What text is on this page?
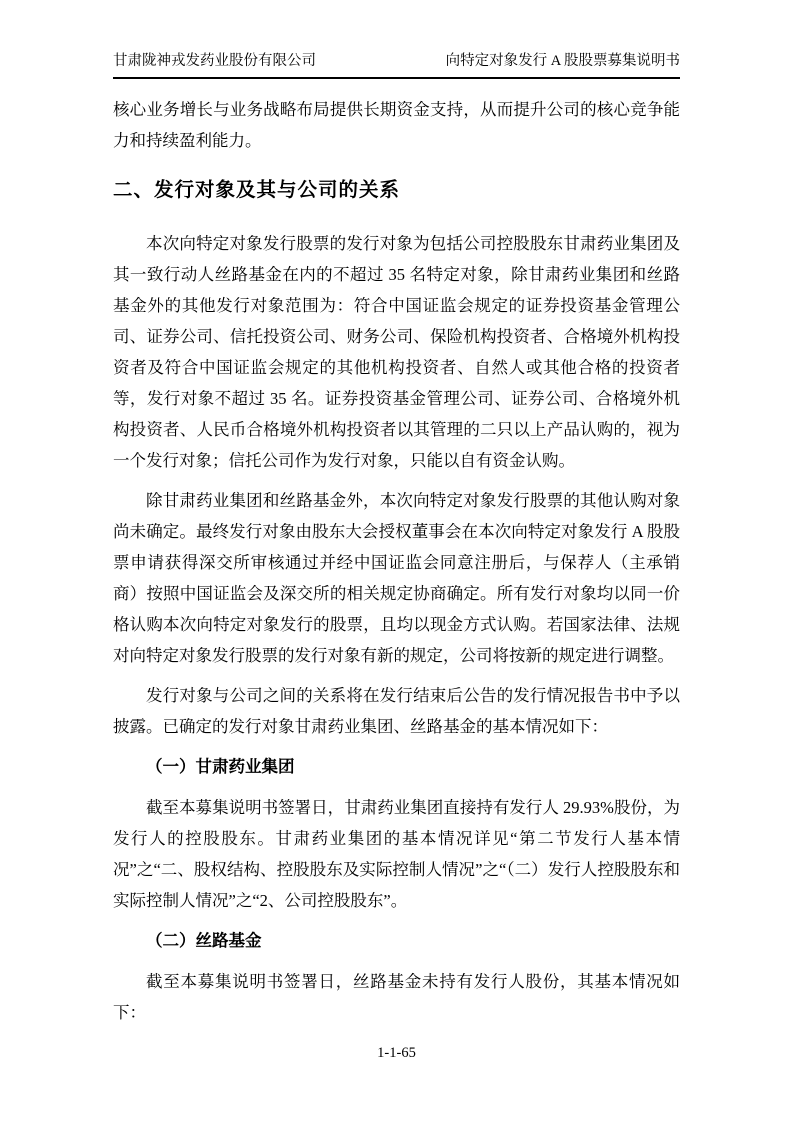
甘肃陇神戎发药业股份有限公司	向特定对象发行 A 股股票募集说明书

核心业务增长与业务战略布局提供长期资金支持，从而提升公司的核心竞争能力和持续盈利能力。

二、发行对象及其与公司的关系

本次向特定对象发行股票的发行对象为包括公司控股股东甘肃药业集团及其一致行动人丝路基金在内的不超过 35 名特定对象，除甘肃药业集团和丝路基金外的其他发行对象范围为：符合中国证监会规定的证券投资基金管理公司、证券公司、信托投资公司、财务公司、保险机构投资者、合格境外机构投资者及符合中国证监会规定的其他机构投资者、自然人或其他合格的投资者等，发行对象不超过 35 名。证券投资基金管理公司、证券公司、合格境外机构投资者、人民币合格境外机构投资者以其管理的二只以上产品认购的，视为一个发行对象；信托公司作为发行对象，只能以自有资金认购。

除甘肃药业集团和丝路基金外，本次向特定对象发行股票的其他认购对象尚未确定。最终发行对象由股东大会授权董事会在本次向特定对象发行 A 股股票申请获得深交所审核通过并经中国证监会同意注册后，与保荐人（主承销商）按照中国证监会及深交所的相关规定协商确定。所有发行对象均以同一价格认购本次向特定对象发行的股票，且均以现金方式认购。若国家法律、法规对向特定对象发行股票的发行对象有新的规定，公司将按新的规定进行调整。

发行对象与公司之间的关系将在发行结束后公告的发行情况报告书中予以披露。已确定的发行对象甘肃药业集团、丝路基金的基本情况如下：

（一）甘肃药业集团

截至本募集说明书签署日，甘肃药业集团直接持有发行人 29.93%股份，为发行人的控股股东。甘肃药业集团的基本情况详见“第二节发行人基本情况”之“二、股权结构、控股股东及实际控制人情况”之“（二）发行人控股股东和实际控制人情况”之“2、公司控股股东”。

（二）丝路基金

截至本募集说明书签署日，丝路基金未持有发行人股份，其基本情况如下：

1-1-65
